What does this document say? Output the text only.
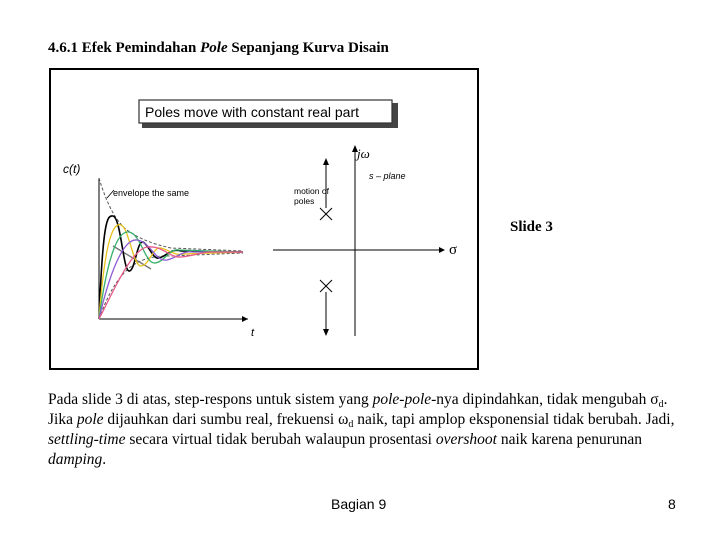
4.6.1 Efek Pemindahan Pole Sepanjang Kurva Disain
Poles move with constant real part
c(t)
t
envelope the same
jω
σ
s – plane
motion of
poles
Slide 3
Pada slide 3 di atas, step-respons untuk sistem yang pole-pole-nya dipindahkan, tidak mengubah $\sigma_d$. Jika pole dijauhkan dari sumbu real, frekuensi $\omega_d$ naik, tapi amplop eksponensial tidak berubah. Jadi, settling-time secara virtual tidak berubah walaupun prosentasi overshoot naik karena penurunan damping.
Bagian 9	8
